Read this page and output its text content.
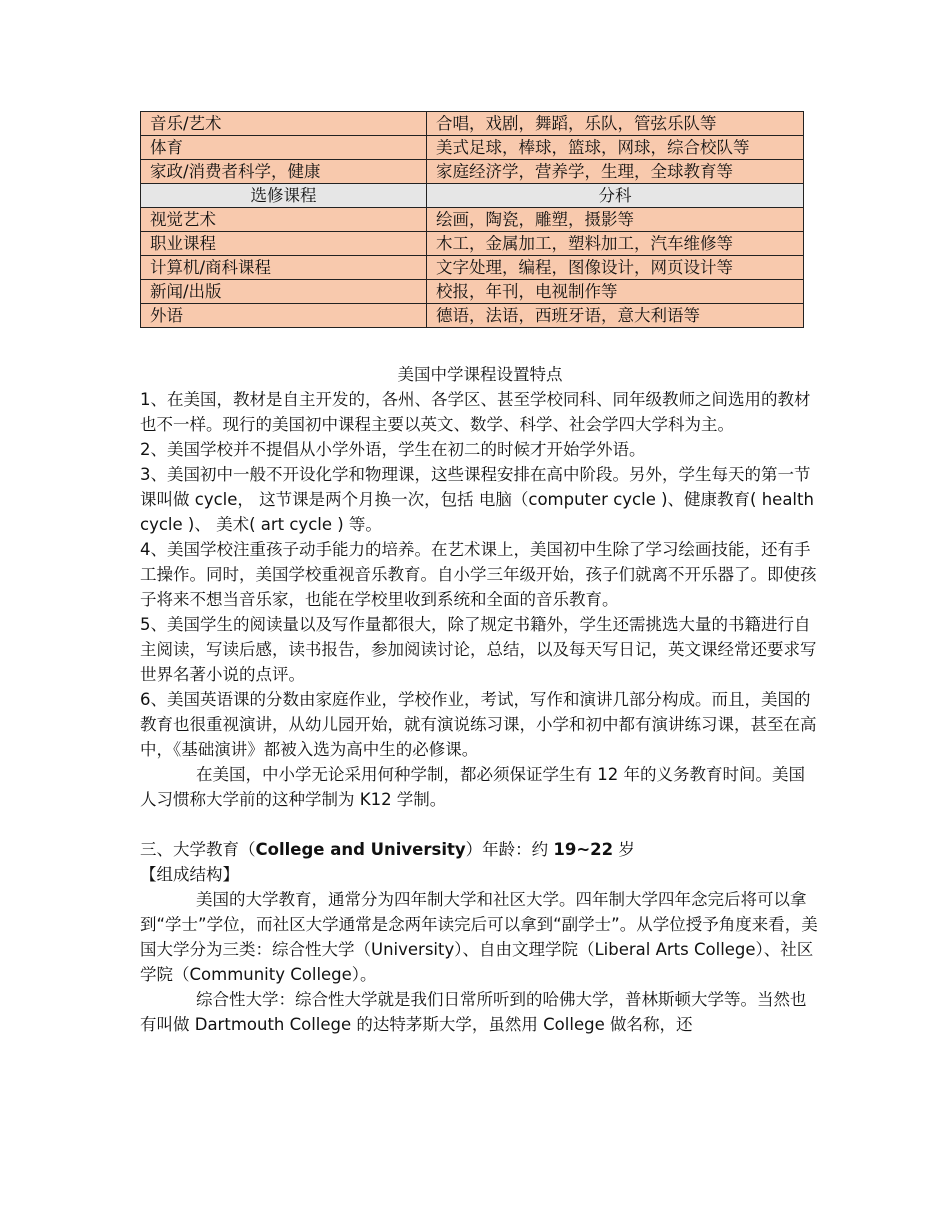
音乐/艺术	合唱，戏剧，舞蹈，乐队，管弦乐队等
体育	美式足球，棒球，篮球，网球，综合校队等
家政/消费者科学，健康	家庭经济学，营养学，生理，全球教育等
选修课程	分科
视觉艺术	绘画，陶瓷，雕塑，摄影等
职业课程	木工，金属加工，塑料加工，汽车维修等
计算机/商科课程	文字处理，编程，图像设计，网页设计等
新闻/出版	校报，年刊，电视制作等
外语	德语，法语，西班牙语，意大利语等

美国中学课程设置特点

1、在美国，教材是自主开发的，各州、各学区、甚至学校同科、同年级教师之间选用的教材也不一样。现行的美国初中课程主要以英文、数学、科学、社会学四大学科为主。

2、美国学校并不提倡从小学外语，学生在初二的时候才开始学外语。

3、美国初中一般不开设化学和物理课，这些课程安排在高中阶段。另外，学生每天的第一节课叫做 cycle， 这节课是两个月换一次，包括 电脑（computer cycle )、健康教育( health cycle )、 美术( art cycle ) 等。

4、美国学校注重孩子动手能力的培养。在艺术课上，美国初中生除了学习绘画技能，还有手工操作。同时，美国学校重视音乐教育。自小学三年级开始，孩子们就离不开乐器了。即使孩子将来不想当音乐家，也能在学校里收到系统和全面的音乐教育。

5、美国学生的阅读量以及写作量都很大，除了规定书籍外，学生还需挑选大量的书籍进行自主阅读，写读后感，读书报告，参加阅读讨论，总结，以及每天写日记，英文课经常还要求写世界名著小说的点评。

6、美国英语课的分数由家庭作业，学校作业，考试，写作和演讲几部分构成。而且，美国的教育也很重视演讲，从幼儿园开始，就有演说练习课，小学和初中都有演讲练习课，甚至在高中，《基础演讲》都被入选为高中生的必修课。

在美国，中小学无论采用何种学制，都必须保证学生有 12 年的义务教育时间。美国人习惯称大学前的这种学制为 K12 学制。

三、大学教育（College and University）年龄：约 19~22 岁

【组成结构】

美国的大学教育，通常分为四年制大学和社区大学。四年制大学四年念完后将可以拿到“学士”学位，而社区大学通常是念两年读完后可以拿到“副学士”。从学位授予角度来看，美国大学分为三类：综合性大学（University）、自由文理学院（Liberal Arts College）、社区学院（Community College）。

综合性大学：综合性大学就是我们日常所听到的哈佛大学，普林斯顿大学等。当然也有叫做 Dartmouth College 的达特茅斯大学，虽然用 College 做名称，还
